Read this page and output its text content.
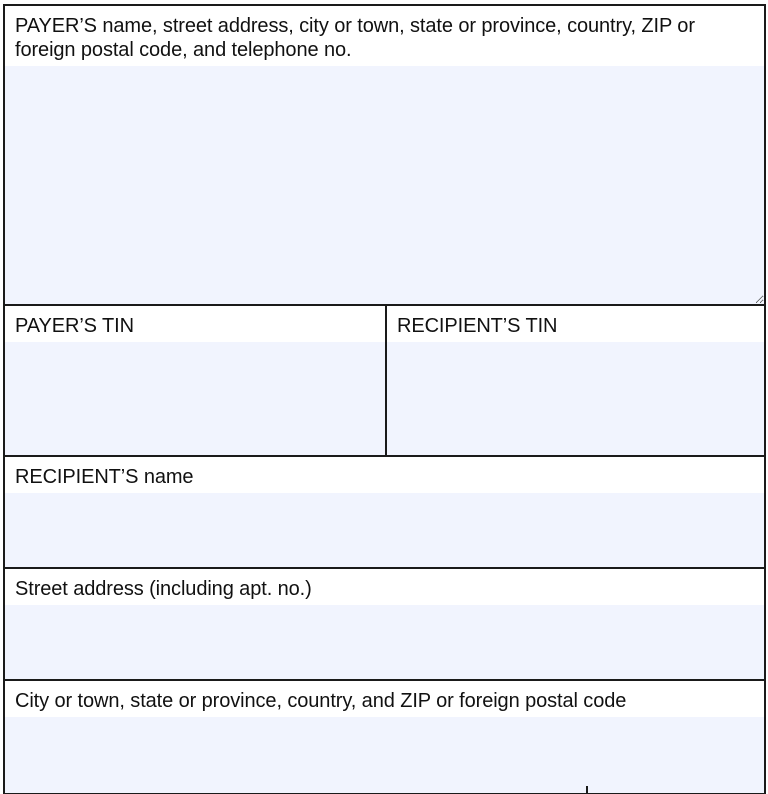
PAYER’S name, street address, city or town, state or province, country, ZIP or foreign postal code, and telephone no.
PAYER’S TIN	RECIPIENT’S TIN
RECIPIENT’S name
Street address (including apt. no.)
City or town, state or province, country, and ZIP or foreign postal code
